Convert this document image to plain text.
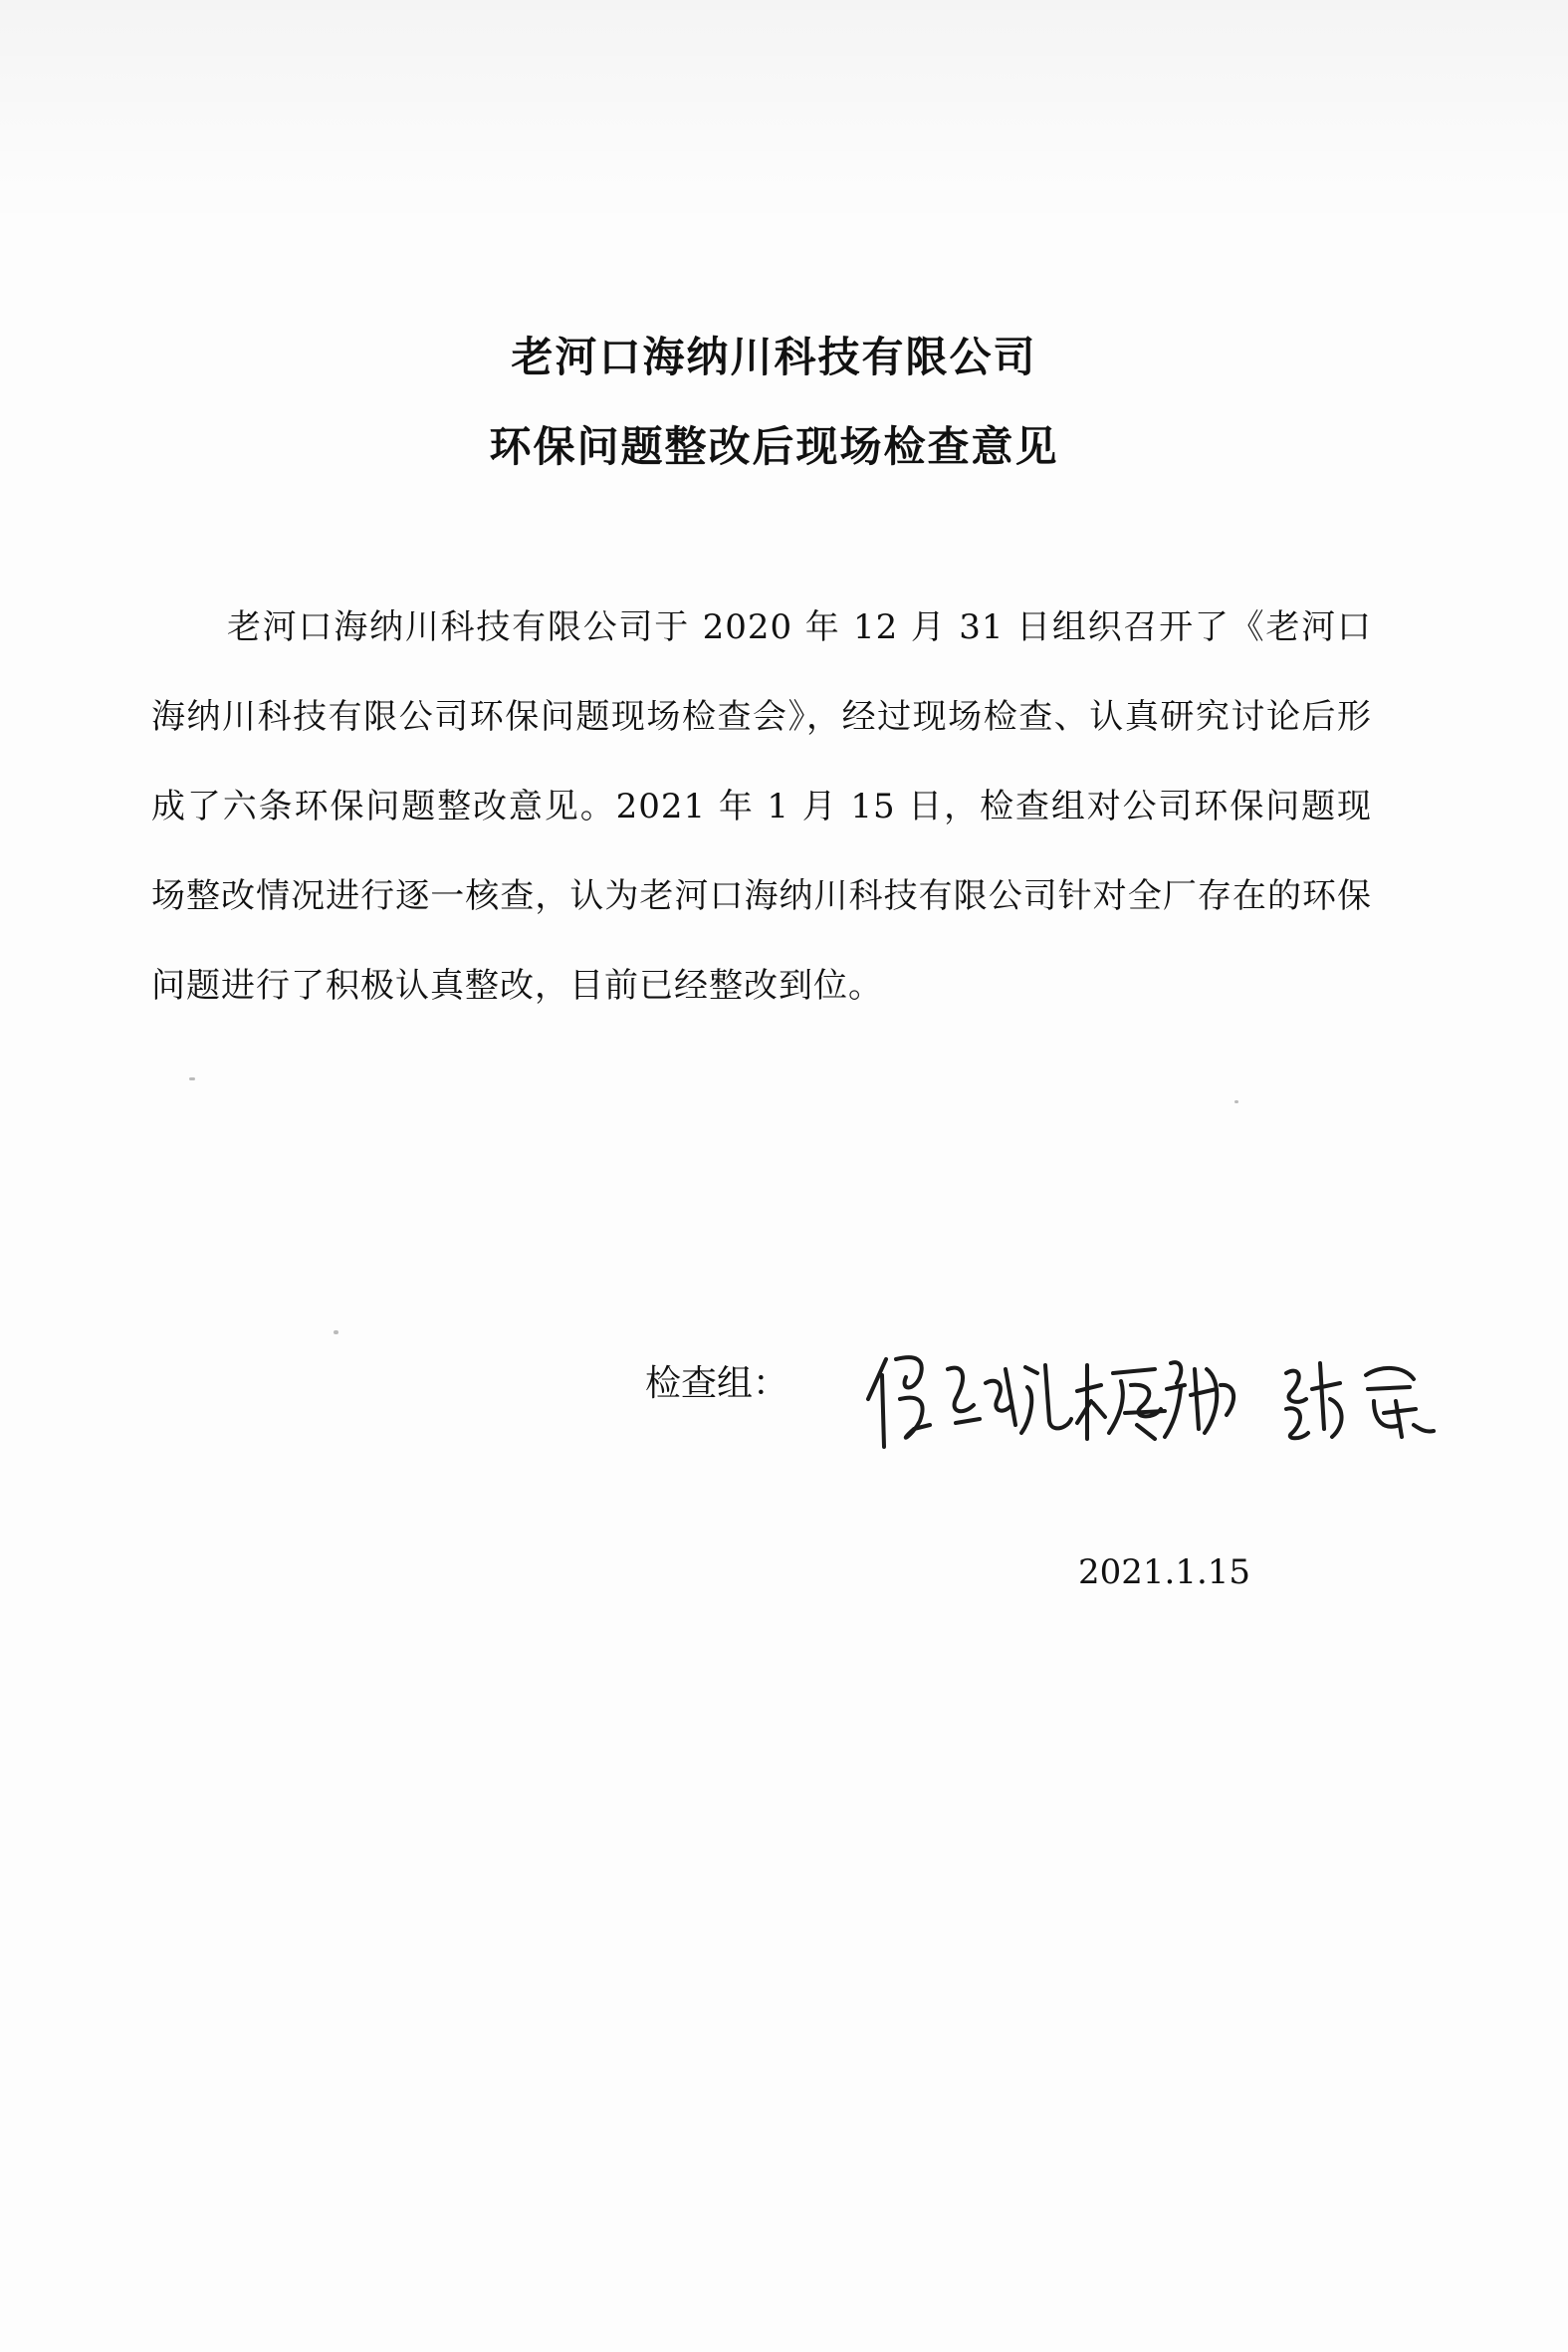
老河口海纳川科技有限公司
环保问题整改后现场检查意见

老河口海纳川科技有限公司于 2020 年 12 月 31 日组织召开了《老河口海纳川科技有限公司环保问题现场检查会》，经过现场检查、认真研究讨论后形成了六条环保问题整改意见。2021 年 1 月 15 日，检查组对公司环保问题现场整改情况进行逐一核查，认为老河口海纳川科技有限公司针对全厂存在的环保问题进行了积极认真整改，目前已经整改到位。

检查组：
2021.1.15
